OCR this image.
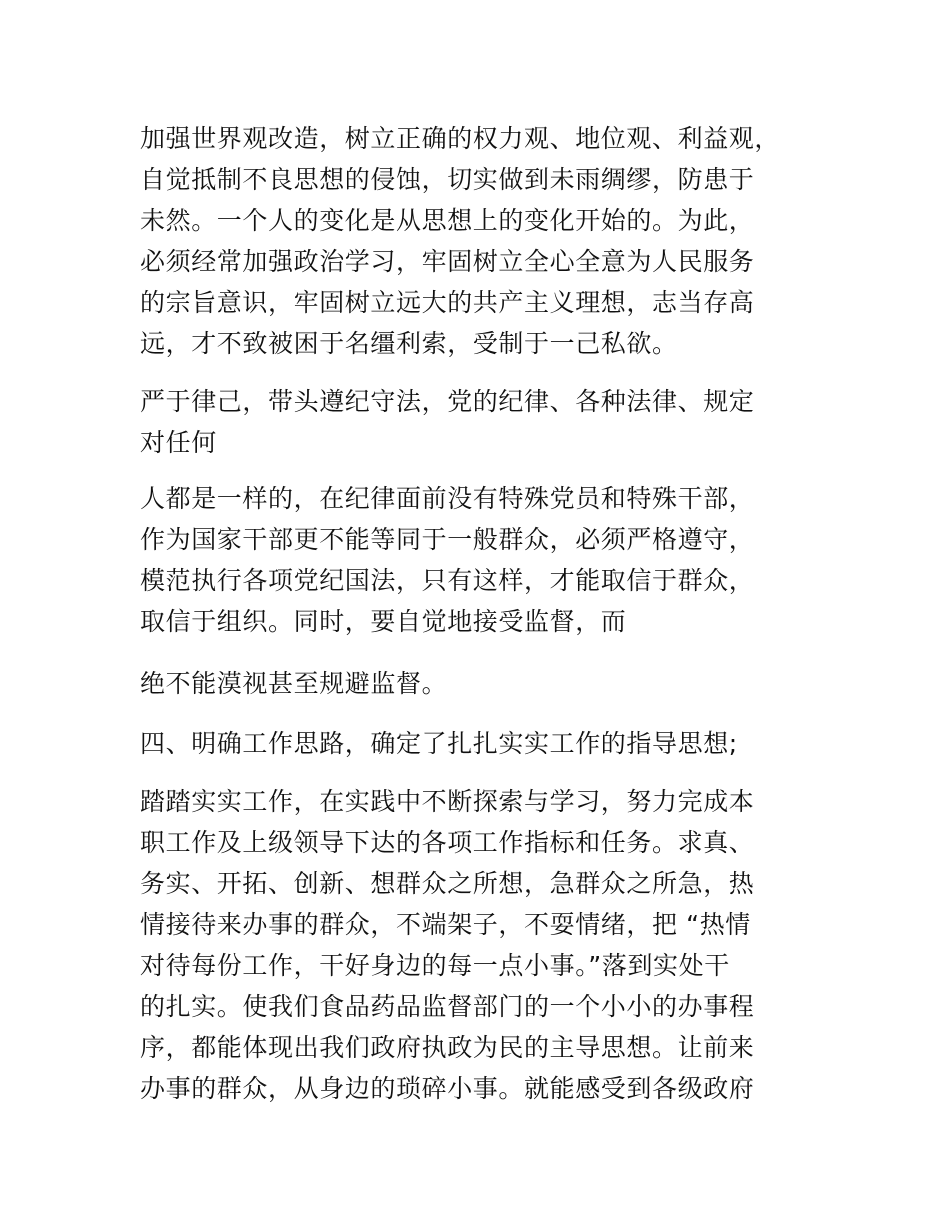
加强世界观改造，树立正确的权力观、地位观、利益观，
自觉抵制不良思想的侵蚀，切实做到未雨绸缪，防患于
未然。一个人的变化是从思想上的变化开始的。为此，
必须经常加强政治学习，牢固树立全心全意为人民服务
的宗旨意识，牢固树立远大的共产主义理想，志当存高
远，才不致被困于名缰利索，受制于一己私欲。

严于律己，带头遵纪守法，党的纪律、各种法律、规定
对任何

人都是一样的，在纪律面前没有特殊党员和特殊干部，
作为国家干部更不能等同于一般群众，必须严格遵守，
模范执行各项党纪国法，只有这样，才能取信于群众，
取信于组织。同时，要自觉地接受监督，而

绝不能漠视甚至规避监督。

四、明确工作思路，确定了扎扎实实工作的指导思想;

踏踏实实工作，在实践中不断探索与学习，努力完成本
职工作及上级领导下达的各项工作指标和任务。求真、
务实、开拓、创新、想群众之所想，急群众之所急，热
情接待来办事的群众，不端架子，不耍情绪，把 “热情
对待每份工作，干好身边的每一点小事。”落到实处干
的扎实。使我们食品药品监督部门的一个小小的办事程
序，都能体现出我们政府执政为民的主导思想。让前来
办事的群众，从身边的琐碎小事。就能感受到各级政府
